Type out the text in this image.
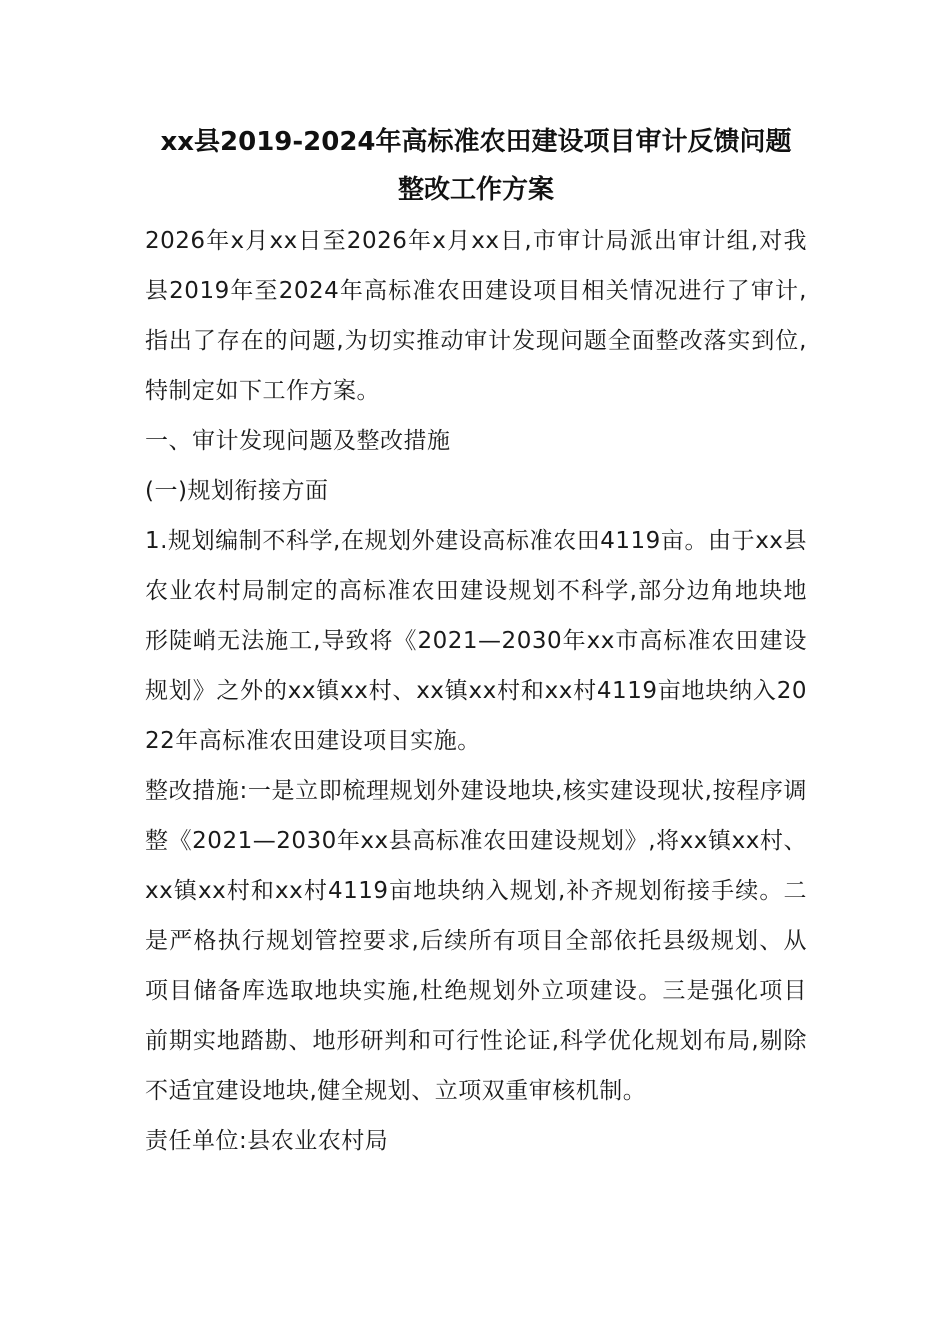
xx县2019-2024年高标准农田建设项目审计反馈问题
整改工作方案

2026年x月xx日至2026年x月xx日,市审计局派出审计组,对我县2019年至2024年高标准农田建设项目相关情况进行了审计,指出了存在的问题,为切实推动审计发现问题全面整改落实到位,特制定如下工作方案。

一、审计发现问题及整改措施

(一)规划衔接方面

1.规划编制不科学,在规划外建设高标准农田4119亩。由于xx县农业农村局制定的高标准农田建设规划不科学,部分边角地块地形陡峭无法施工,导致将《2021—2030年xx市高标准农田建设规划》之外的xx镇xx村、xx镇xx村和xx村4119亩地块纳入2022年高标准农田建设项目实施。

整改措施:一是立即梳理规划外建设地块,核实建设现状,按程序调整《2021—2030年xx县高标准农田建设规划》,将xx镇xx村、xx镇xx村和xx村4119亩地块纳入规划,补齐规划衔接手续。二是严格执行规划管控要求,后续所有项目全部依托县级规划、从项目储备库选取地块实施,杜绝规划外立项建设。三是强化项目前期实地踏勘、地形研判和可行性论证,科学优化规划布局,剔除不适宜建设地块,健全规划、立项双重审核机制。

责任单位:县农业农村局
